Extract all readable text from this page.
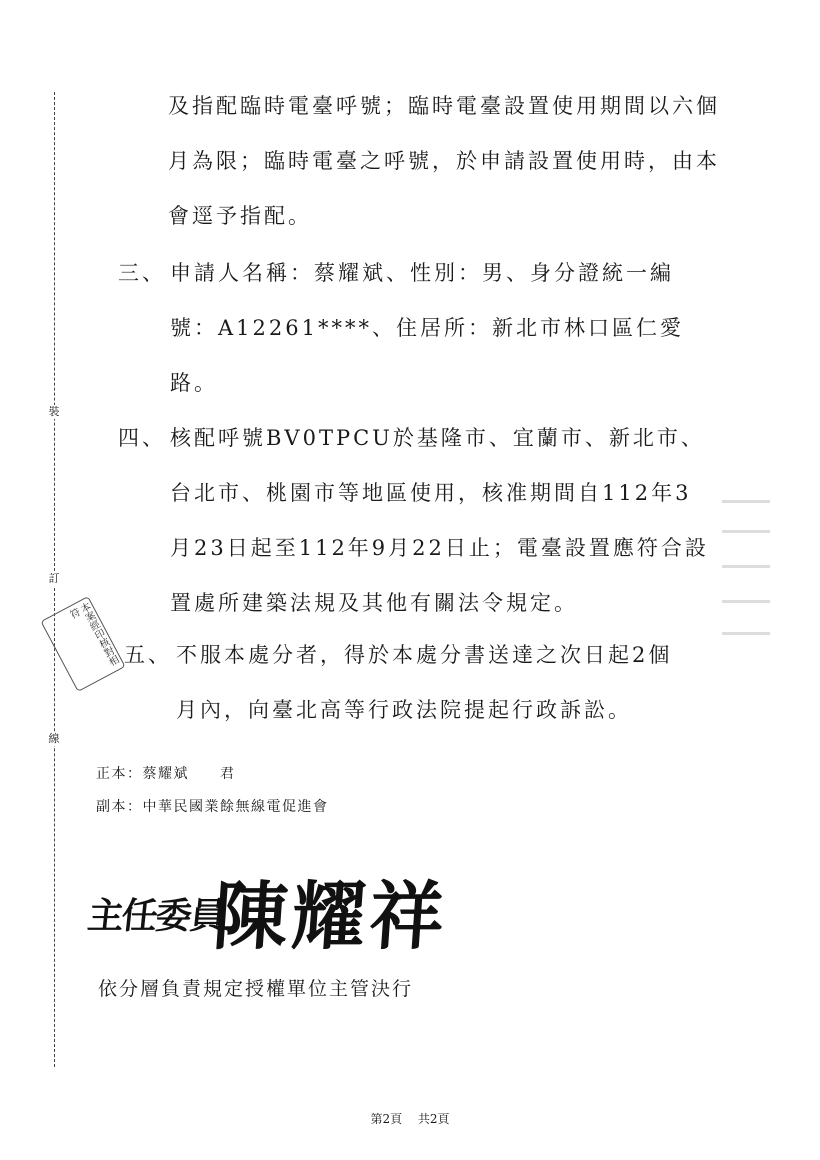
裝
訂
線
本案經印核對相符
及指配臨時電臺呼號；臨時電臺設置使用期間以六個
月為限；臨時電臺之呼號，於申請設置使用時，由本
會逕予指配。
三、 申請人名稱：蔡耀斌、性別：男、身分證統一編
號：A12261****、住居所：新北市林口區仁愛
路。
四、 核配呼號BV0TPCU於基隆市、宜蘭市、新北市、
台北市、桃園市等地區使用，核准期間自112年3
月23日起至112年9月22日止；電臺設置應符合設
置處所建築法規及其他有關法令規定。
五、 不服本處分者，得於本處分書送達之次日起2個
月內，向臺北高等行政法院提起行政訴訟。
正本：蔡耀斌　　君
副本：中華民國業餘無線電促進會
主任委員
陳耀祥
依分層負責規定授權單位主管決行
第2頁 共2頁
